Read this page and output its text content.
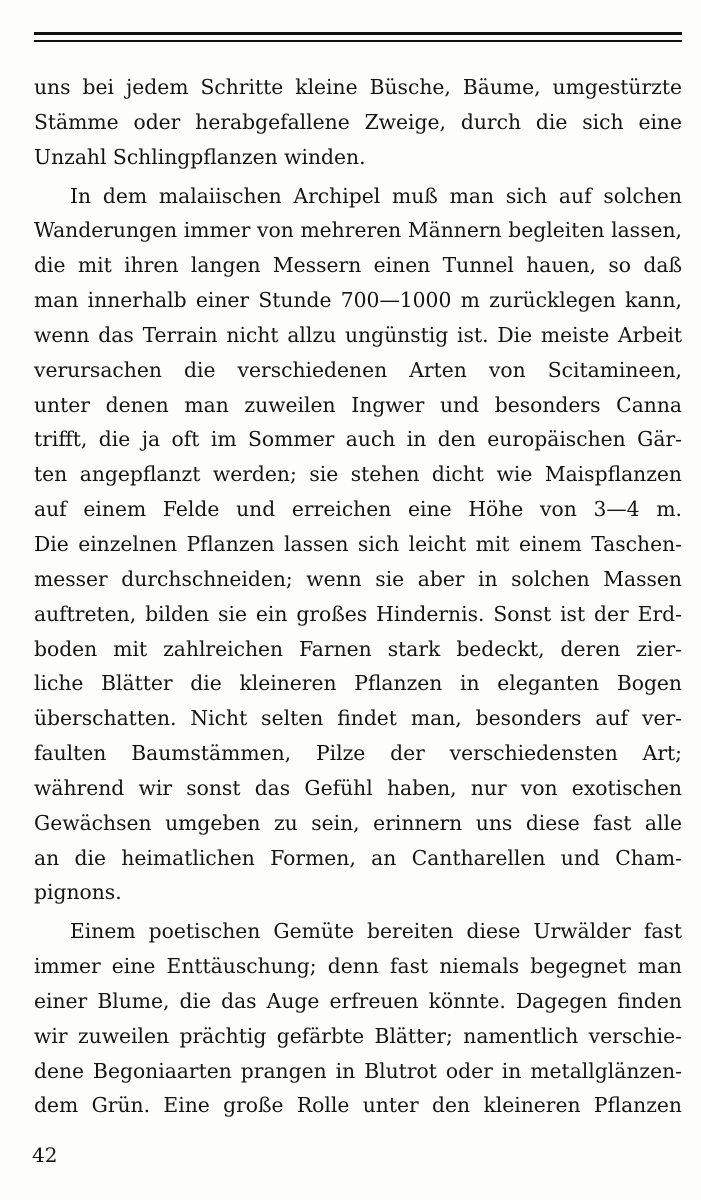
uns bei jedem Schritte kleine Büsche, Bäume, umgestürzte
Stämme oder herabgefallene Zweige, durch die sich eine
Unzahl Schlingpflanzen winden.
In dem malaiischen Archipel muß man sich auf solchen
Wanderungen immer von mehreren Männern begleiten lassen,
die mit ihren langen Messern einen Tunnel hauen, so daß
man innerhalb einer Stunde 700—1000 m zurücklegen kann,
wenn das Terrain nicht allzu ungünstig ist. Die meiste Arbeit
verursachen die verschiedenen Arten von Scitamineen,
unter denen man zuweilen Ingwer und besonders Canna
trifft, die ja oft im Sommer auch in den europäischen Gär-
ten angepflanzt werden; sie stehen dicht wie Maispflanzen
auf einem Felde und erreichen eine Höhe von 3—4 m.
Die einzelnen Pflanzen lassen sich leicht mit einem Taschen-
messer durchschneiden; wenn sie aber in solchen Massen
auftreten, bilden sie ein großes Hindernis. Sonst ist der Erd-
boden mit zahlreichen Farnen stark bedeckt, deren zier-
liche Blätter die kleineren Pflanzen in eleganten Bogen
überschatten. Nicht selten findet man, besonders auf ver-
faulten Baumstämmen, Pilze der verschiedensten Art;
während wir sonst das Gefühl haben, nur von exotischen
Gewächsen umgeben zu sein, erinnern uns diese fast alle
an die heimatlichen Formen, an Cantharellen und Cham-
pignons.
Einem poetischen Gemüte bereiten diese Urwälder fast
immer eine Enttäuschung; denn fast niemals begegnet man
einer Blume, die das Auge erfreuen könnte. Dagegen finden
wir zuweilen prächtig gefärbte Blätter; namentlich verschie-
dene Begoniaarten prangen in Blutrot oder in metallglänzen-
dem Grün. Eine große Rolle unter den kleineren Pflanzen
42
